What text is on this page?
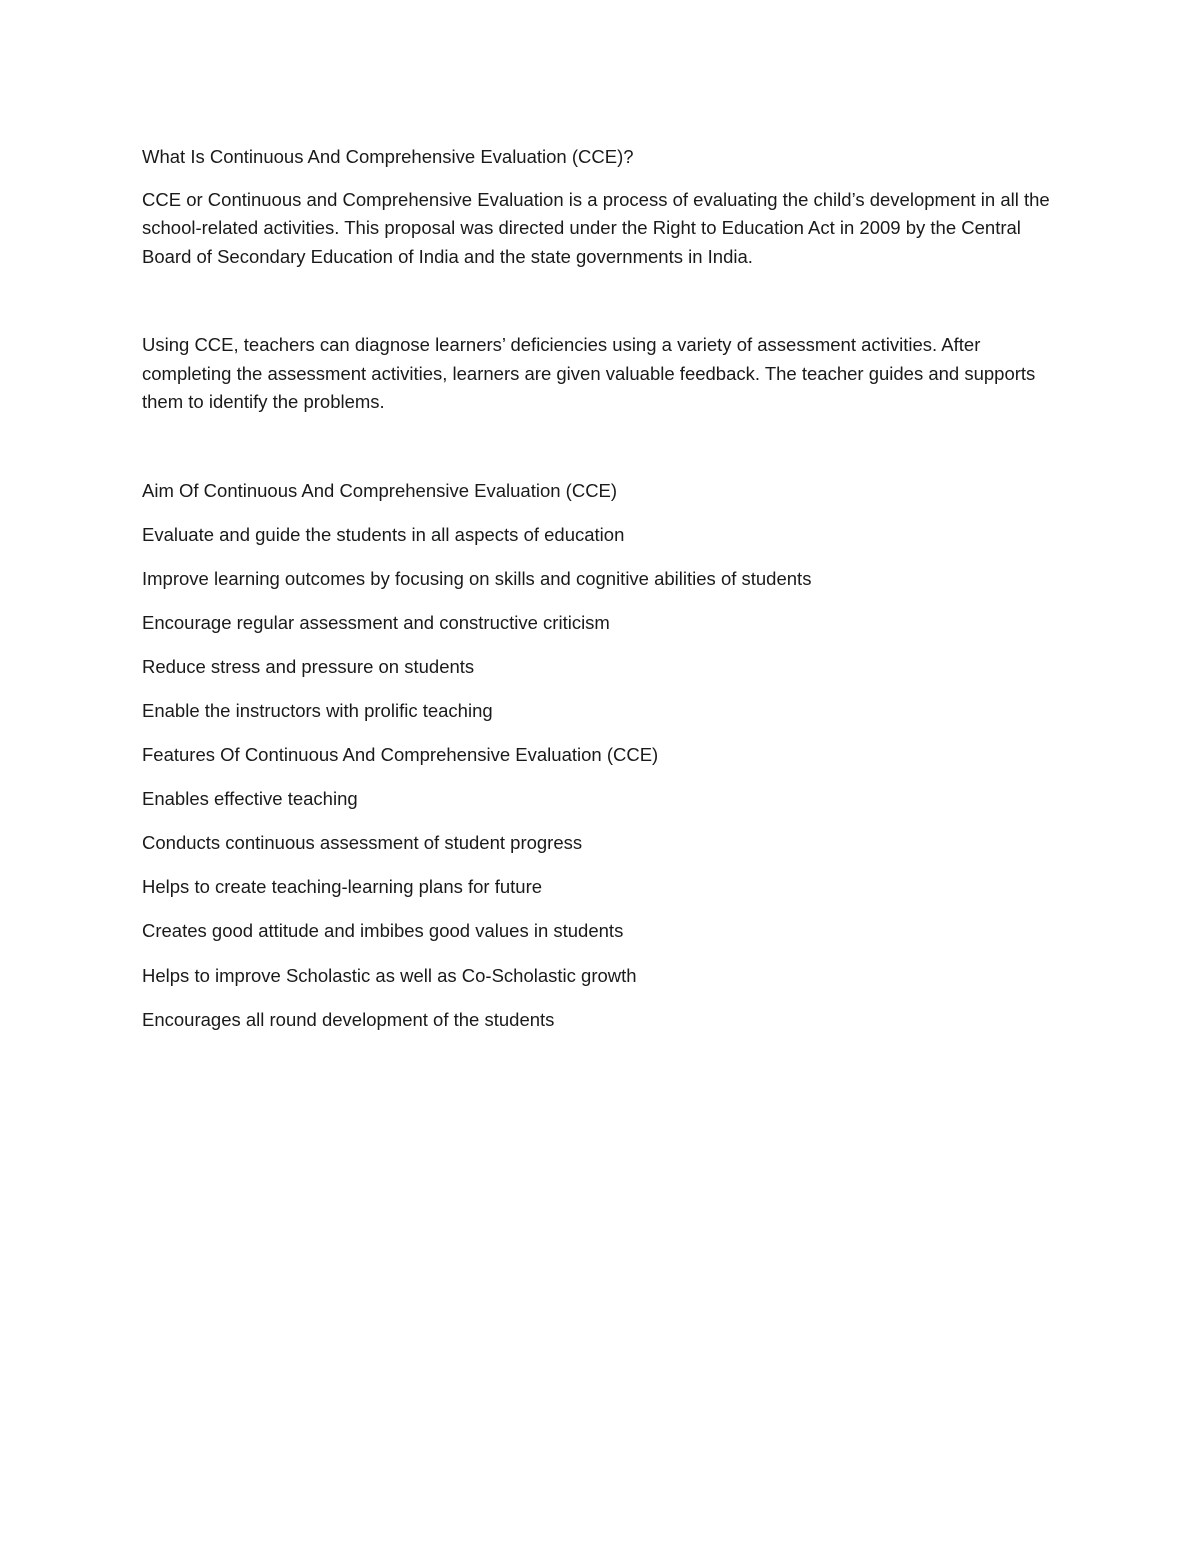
What Is Continuous And Comprehensive Evaluation (CCE)?

CCE or Continuous and Comprehensive Evaluation is a process of evaluating the child’s development in all the school-related activities. This proposal was directed under the Right to Education Act in 2009 by the Central Board of Secondary Education of India and the state governments in India.

Using CCE, teachers can diagnose learners’ deficiencies using a variety of assessment activities. After completing the assessment activities, learners are given valuable feedback. The teacher guides and supports them to identify the problems.

Aim Of Continuous And Comprehensive Evaluation (CCE)

Evaluate and guide the students in all aspects of education

Improve learning outcomes by focusing on skills and cognitive abilities of students

Encourage regular assessment and constructive criticism

Reduce stress and pressure on students

Enable the instructors with prolific teaching

Features Of Continuous And Comprehensive Evaluation (CCE)

Enables effective teaching

Conducts continuous assessment of student progress

Helps to create teaching-learning plans for future

Creates good attitude and imbibes good values in students

Helps to improve Scholastic as well as Co-Scholastic growth

Encourages all round development of the students
